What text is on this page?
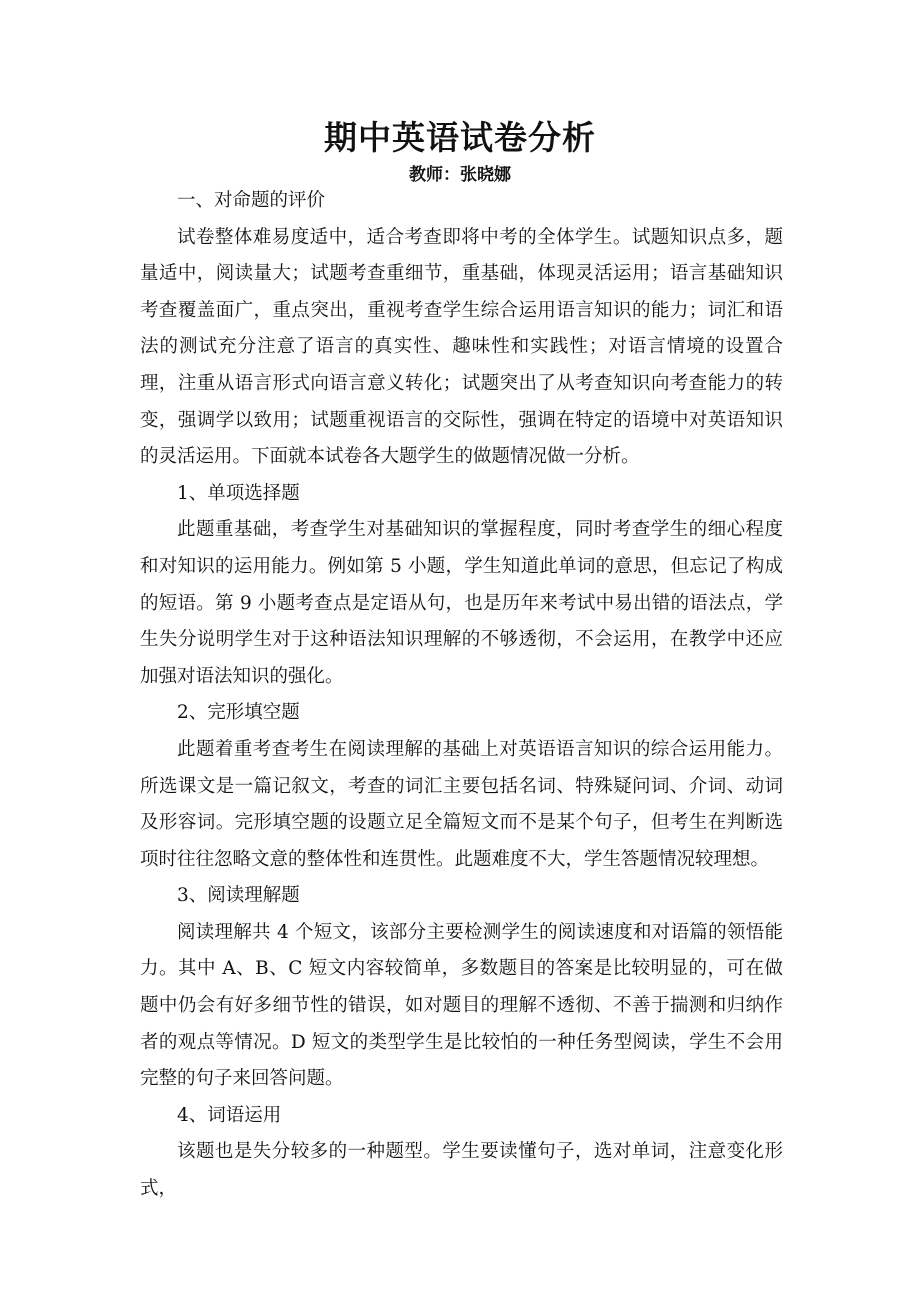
期中英语试卷分析
教师：张晓娜

一、对命题的评价

试卷整体难易度适中，适合考查即将中考的全体学生。试题知识点多，题量适中，阅读量大；试题考查重细节，重基础，体现灵活运用；语言基础知识考查覆盖面广，重点突出，重视考查学生综合运用语言知识的能力；词汇和语法的测试充分注意了语言的真实性、趣味性和实践性；对语言情境的设置合理，注重从语言形式向语言意义转化；试题突出了从考查知识向考查能力的转变，强调学以致用；试题重视语言的交际性，强调在特定的语境中对英语知识的灵活运用。下面就本试卷各大题学生的做题情况做一分析。

1、单项选择题

此题重基础，考查学生对基础知识的掌握程度，同时考查学生的细心程度和对知识的运用能力。例如第 5 小题，学生知道此单词的意思，但忘记了构成的短语。第 9 小题考查点是定语从句，也是历年来考试中易出错的语法点，学生失分说明学生对于这种语法知识理解的不够透彻，不会运用，在教学中还应加强对语法知识的强化。

2、完形填空题

此题着重考查考生在阅读理解的基础上对英语语言知识的综合运用能力。所选课文是一篇记叙文，考查的词汇主要包括名词、特殊疑问词、介词、动词及形容词。完形填空题的设题立足全篇短文而不是某个句子，但考生在判断选项时往往忽略文意的整体性和连贯性。此题难度不大，学生答题情况较理想。

3、阅读理解题

阅读理解共 4 个短文，该部分主要检测学生的阅读速度和对语篇的领悟能力。其中 A、B、C 短文内容较简单，多数题目的答案是比较明显的，可在做题中仍会有好多细节性的错误，如对题目的理解不透彻、不善于揣测和归纳作者的观点等情况。D 短文的类型学生是比较怕的一种任务型阅读，学生不会用完整的句子来回答问题。

4、词语运用

该题也是失分较多的一种题型。学生要读懂句子，选对单词，注意变化形式，
